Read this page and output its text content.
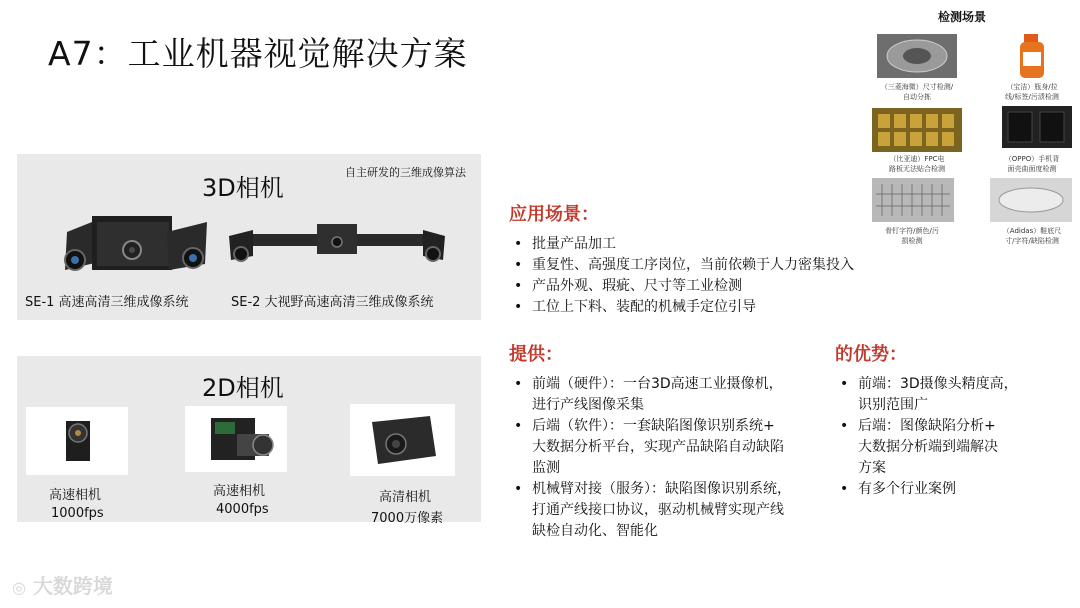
A7：工业机器视觉解决方案
3D相机
自主研发的三维成像算法
SE-1 高速高清三维成像系统	SE-2 大视野高速高清三维成像系统
2D相机
高速相机
1000fps
高速相机
4000fps
高清相机
7000万像素
检测场景
（三菱海微）尺寸检测/
自动分拣
（宝洁）瓶身/拉
线/标签/污渍检测
（比亚迪）FPC电
路板无法贴合检测
（OPPO）手机背
面壳曲面度检测
骨钉字符/颜色/污
损检测
（Adidas）鞋底尺
寸/字符/缺陷检测
应用场景：
• 批量产品加工
• 重复性、高强度工序岗位，当前依赖于人力密集投入
• 产品外观、瑕疵、尺寸等工业检测
• 工位上下料、装配的机械手定位引导
提供：
• 前端（硬件）：一台3D高速工业摄像机，
进行产线图像采集
• 后端（软件）：一套缺陷图像识别系统+
大数据分析平台，实现产品缺陷自动缺陷
监测
• 机械臂对接（服务）：缺陷图像识别系统，
打通产线接口协议，驱动机械臂实现产线
缺检自动化、智能化
的优势：
• 前端：3D摄像头精度高，
识别范围广
• 后端：图像缺陷分析+
大数据分析端到端解决
方案
• 有多个行业案例
◎ 大数跨境
